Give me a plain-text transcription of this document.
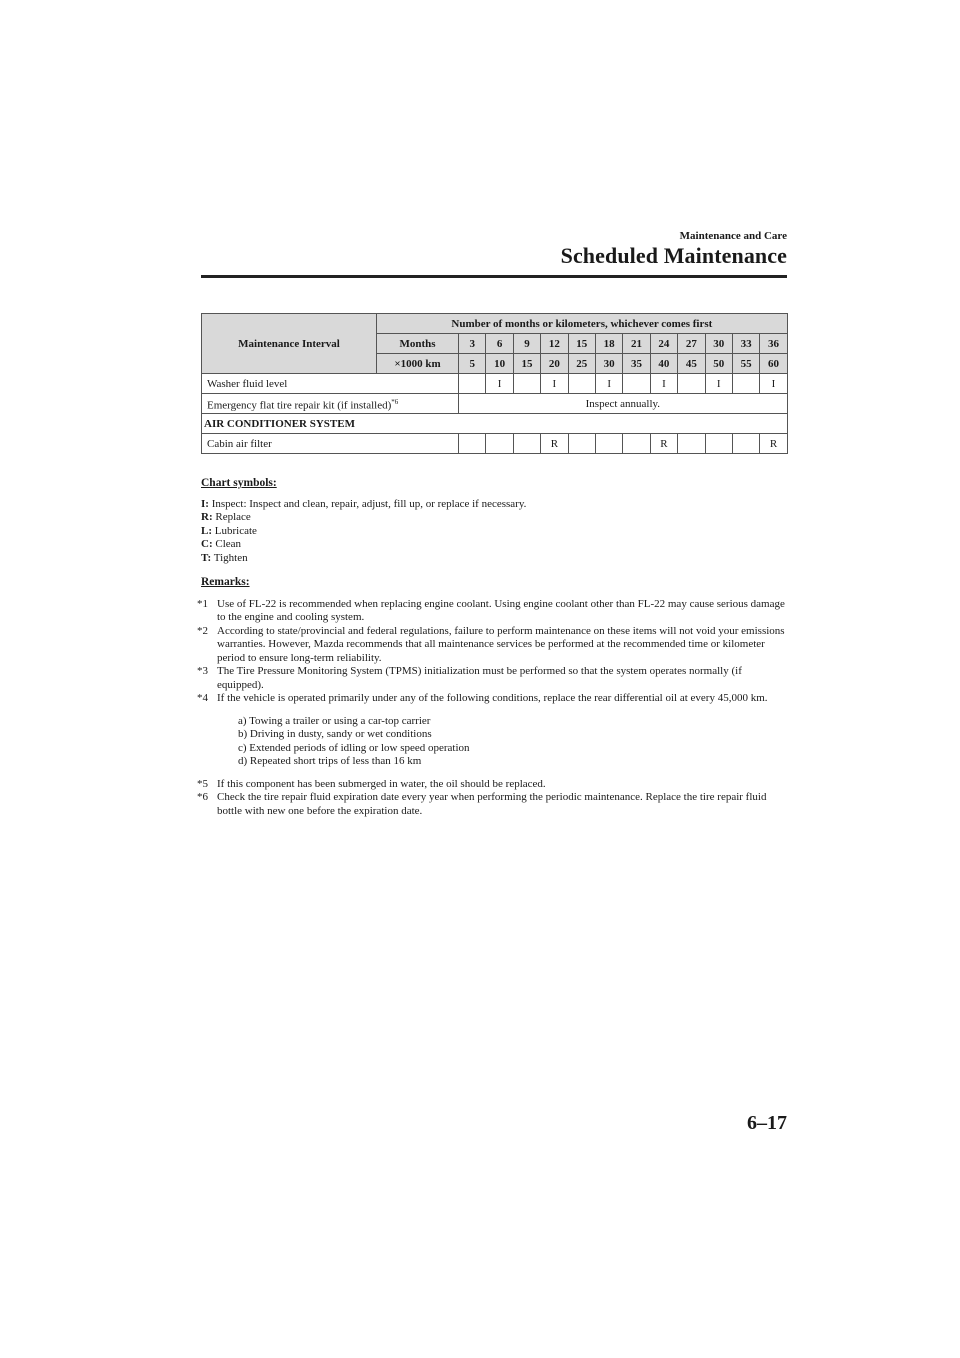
Maintenance and Care
Scheduled Maintenance
Maintenance Interval	Number of months or kilometers, whichever comes first												
	Months	3	6	9	12	15	18	21	24	27	30	33	36
	×1000 km	5	10	15	20	25	30	35	40	45	50	55	60
Washer fluid level			I		I		I		I		I		I
Emergency flat tire repair kit (if installed)$^{*6}$		Inspect annually.											
AIR CONDITIONER SYSTEM													
Cabin air filter					R				R				R
Chart symbols:

I: Inspect: Inspect and clean, repair, adjust, fill up, or replace if necessary.

R: Replace

L: Lubricate

C: Clean

T: Tighten

Remarks:

*1 Use of FL-22 is recommended when replacing engine coolant. Using engine coolant other than FL-22 may cause serious damage to the engine and cooling system.

*2 According to state/provincial and federal regulations, failure to perform maintenance on these items will not void your emissions warranties. However, Mazda recommends that all maintenance services be performed at the recommended time or kilometer period to ensure long-term reliability.

*3 The Tire Pressure Monitoring System (TPMS) initialization must be performed so that the system operates normally (if equipped).

*4 If the vehicle is operated primarily under any of the following conditions, replace the rear differential oil at every 45,000 km.

a) Towing a trailer or using a car-top carrier

b) Driving in dusty, sandy or wet conditions

c) Extended periods of idling or low speed operation

d) Repeated short trips of less than 16 km

*5 If this component has been submerged in water, the oil should be replaced.

*6 Check the tire repair fluid expiration date every year when performing the periodic maintenance. Replace the tire repair fluid bottle with new one before the expiration date.

6–17
